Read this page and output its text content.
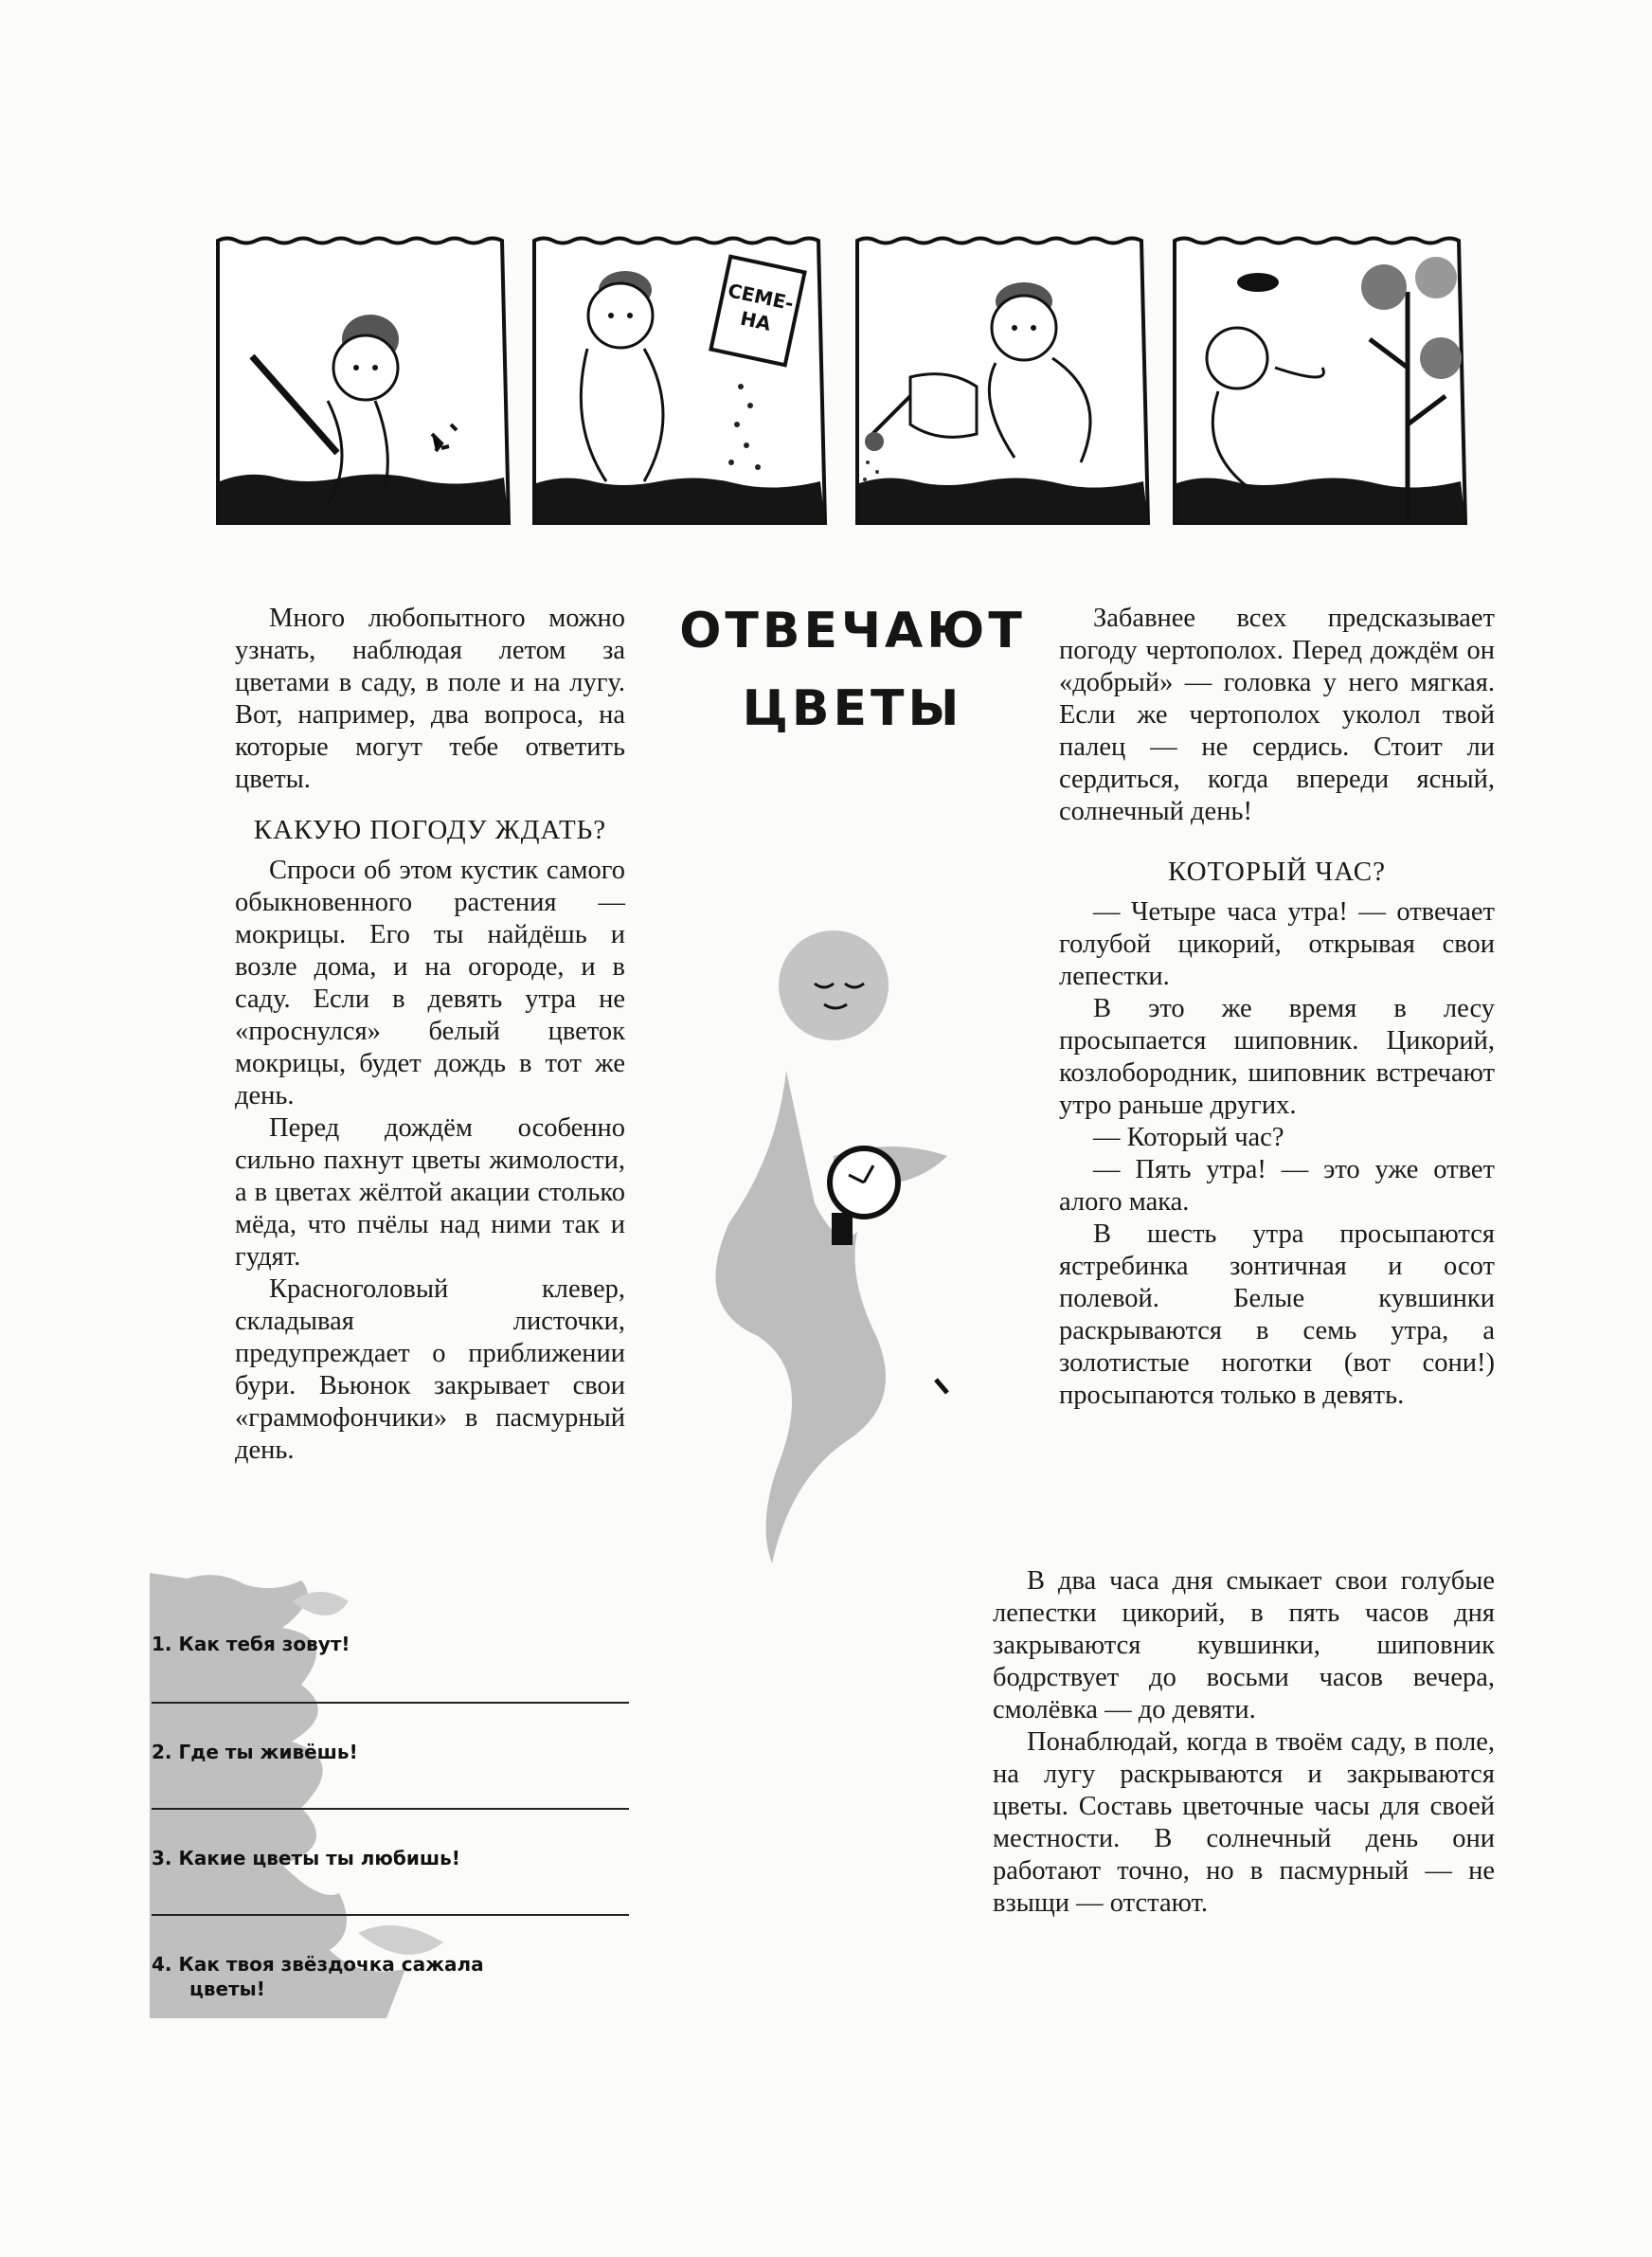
СЕМЕ-
НА
ОТВЕЧАЮТ
ЦВЕТЫ

Много любопытного можно узнать, наблюдая летом за цветами в саду, в поле и на лугу. Вот, например, два вопроса, на которые могут тебе ответить цветы.

КАКУЮ ПОГОДУ ЖДАТЬ?

Спроси об этом кустик самого обыкновенного растения — мокрицы. Его ты найдёшь и возле дома, и на огороде, и в саду. Если в девять утра не «проснулся» белый цветок мокрицы, будет дождь в тот же день.

Перед дождём особенно сильно пахнут цветы жимолости, а в цветах жёлтой акации столько мёда, что пчёлы над ними так и гудят.

Красноголовый клевер, складывая листочки, предупреждает о приближении бури. Вьюнок закрывает свои «граммофончики» в пасмурный день.

Забавнее всех предсказывает погоду чертополох. Перед дождём он «добрый» — головка у него мягкая. Если же чертополох уколол твой палец — не сердись. Стоит ли сердиться, когда впереди ясный, солнечный день!

КОТОРЫЙ ЧАС?

— Четыре часа утра! — отвечает голубой цикорий, открывая свои лепестки.

В это же время в лесу просыпается шиповник. Цикорий, козлобородник, шиповник встречают утро раньше других.

— Который час?

— Пять утра! — это уже ответ алого мака.

В шесть утра просыпаются ястребинка зонтичная и осот полевой. Белые кувшинки раскрываются в семь утра, а золотистые ноготки (вот сони!) просыпаются только в девять.

В два часа дня смыкает свои голубые лепестки цикорий, в пять часов дня закрываются кувшинки, шиповник бодрствует до восьми часов вечера, смолёвка — до девяти.

Понаблюдай, когда в твоём саду, в поле, на лугу раскрываются и закрываются цветы. Составь цветочные часы для своей местности. В солнечный день они работают точно, но в пасмурный — не взыщи — отстают.

1. Как тебя зовут!
2. Где ты живёшь!
3. Какие цветы ты любишь!
4. Как твоя звёздочка сажала
цветы!
